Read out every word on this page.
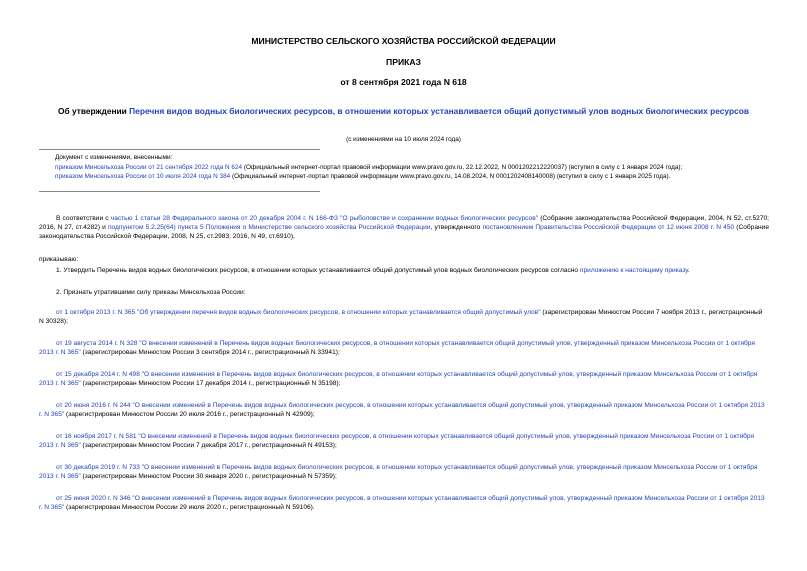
МИНИСТЕРСТВО СЕЛЬСКОГО ХОЗЯЙСТВА РОССИЙСКОЙ ФЕДЕРАЦИИ
ПРИКАЗ
от 8 сентября 2021 года N 618
Об утверждении Перечня видов водных биологических ресурсов, в отношении которых устанавливается общий допустимый улов водных биологических ресурсов
(с изменениями на 10 июля 2024 года)
Документ с изменениями, внесенными:
приказом Минсельхоза России от 21 сентября 2022 года N 624 (Официальный интернет-портал правовой информации www.pravo.gov.ru, 22.12.2022, N 0001202212220037) (вступил в силу с 1 января 2024 года);
приказом Минсельхоза России от 10 июля 2024 года N 384 (Официальный интернет-портал правовой информации www.pravo.gov.ru, 14.08.2024, N 0001202408140008) (вступил в силу с 1 января 2025 года).
В соответствии с частью 1 статьи 28 Федерального закона от 20 декабря 2004 г. N 166-ФЗ "О рыболовстве и сохранении водных биологических ресурсов" (Собрание законодательства Российской Федерации, 2004, N 52, ст.5270; 2016, N 27, ст.4282) и подпунктом 5.2.25(64) пункта 5 Положения о Министерстве сельского хозяйства Российской Федерации, утвержденного постановлением Правительства Российской Федерации от 12 июня 2008 г. N 450 (Собрание законодательства Российской Федерации, 2008, N 25, ст.2983; 2016, N 49, ст.6910),
приказываю:
1. Утвердить Перечень видов водных биологических ресурсов, в отношении которых устанавливается общий допустимый улов водных биологических ресурсов согласно приложению к настоящему приказу.
2. Признать утратившими силу приказы Минсельхоза России:
от 1 октября 2013 г. N 365 "Об утверждении перечня видов водных биологических ресурсов, в отношении которых устанавливается общий допустимый улов" (зарегистрирован Минюстом России 7 ноября 2013 г., регистрационный N 30328);
от 19 августа 2014 г. N 328 "О внесении изменений в Перечень видов водных биологических ресурсов, в отношении которых устанавливается общий допустимый улов, утвержденный приказом Минсельхоза России от 1 октября 2013 г. N 365" (зарегистрирован Минюстом России 3 сентября 2014 г., регистрационный N 33941);
от 15 декабря 2014 г. N 498 "О внесении изменения в Перечень видов водных биологических ресурсов, в отношении которых устанавливается общий допустимый улов, утвержденный приказом Минсельхоза России от 1 октября 2013 г. N 365" (зарегистрирован Минюстом России 17 декабря 2014 г., регистрационный N 35198);
от 20 июня 2016 г. N 244 "О внесении изменений в Перечень видов водных биологических ресурсов, в отношении которых устанавливается общий допустимый улов, утвержденный приказом Минсельхоза России от 1 октября 2013 г. N 365" (зарегистрирован Минюстом России 20 июля 2016 г., регистрационный N 42909);
от 16 ноября 2017 г. N 581 "О внесении изменений в Перечень видов водных биологических ресурсов, в отношении которых устанавливается общий допустимый улов, утвержденный приказом Минсельхоза России от 1 октября 2013 г. N 365" (зарегистрирован Минюстом России 7 декабря 2017 г., регистрационный N 49153);
от 30 декабря 2019 г. N 733 "О внесении изменений в Перечень видов водных биологических ресурсов, в отношении которых устанавливается общий допустимый улов, утвержденный приказом Минсельхоза России от 1 октября 2013 г. N 365" (зарегистрирован Минюстом России 30 января 2020 г., регистрационный N 57359);
от 25 июня 2020 г. N 346 "О внесении изменений в Перечень видов водных биологических ресурсов, в отношении которых устанавливается общий допустимый улов, утвержденный приказом Минсельхоза России от 1 октября 2013 г. N 365" (зарегистрирован Минюстом России 29 июля 2020 г., регистрационный N 59106).
